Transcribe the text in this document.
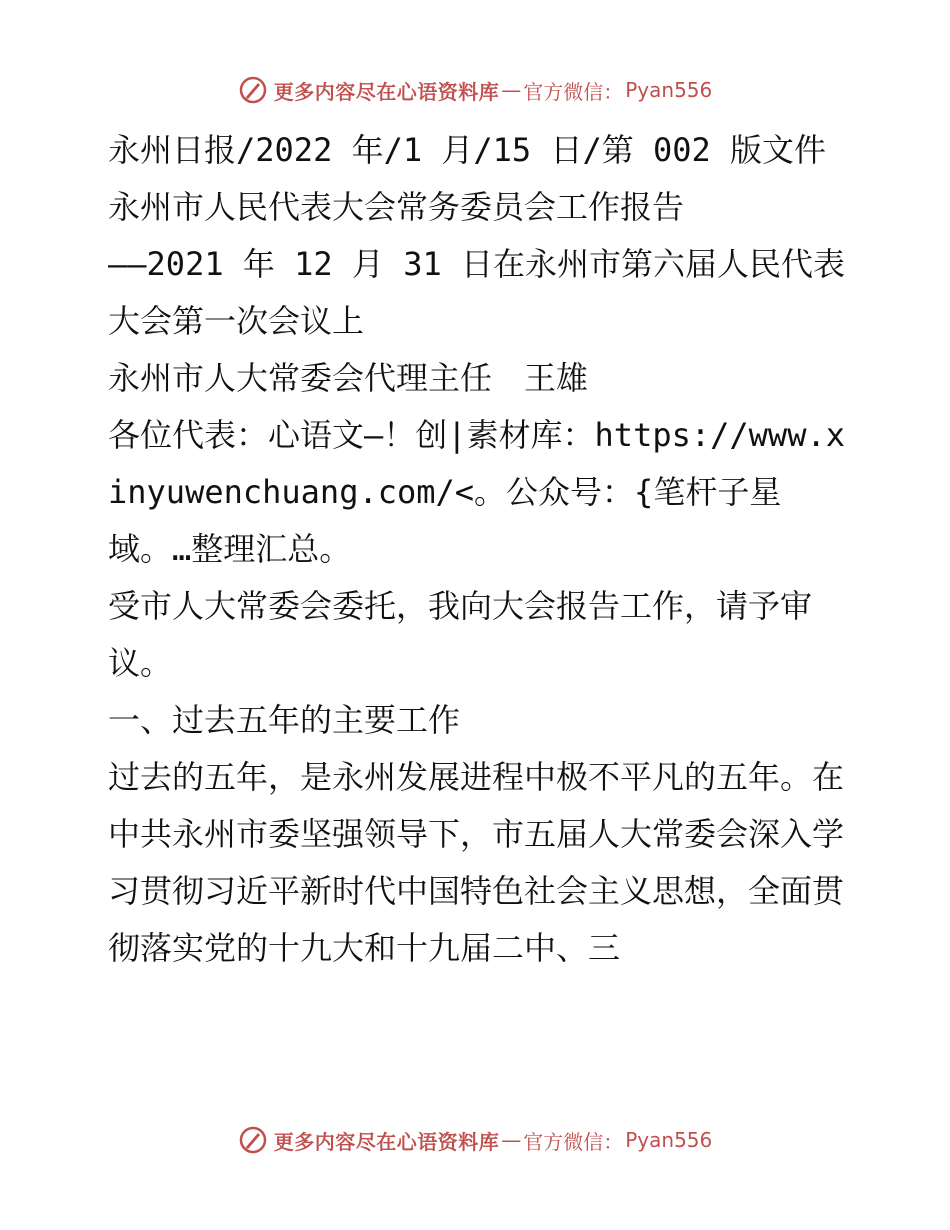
更多内容尽在心语资料库 — 官方微信： Pyan556

永州日报/2022 年/1 月/15 日/第 002 版文件

永州市人民代表大会常务委员会工作报告

——2021 年 12 月 31 日在永州市第六届人民代表大会第一次会议上

永州市人大常委会代理主任　王雄

各位代表：心语文—！创|素材库：https://www.xinyuwenchuang.com/<。公众号：{笔杆子星域。…整理汇总。

受市人大常委会委托，我向大会报告工作，请予审议。

一、过去五年的主要工作

过去的五年，是永州发展进程中极不平凡的五年。在中共永州市委坚强领导下，市五届人大常委会深入学习贯彻习近平新时代中国特色社会主义思想，全面贯彻落实党的十九大和十九届二中、三

更多内容尽在心语资料库 — 官方微信： Pyan556
